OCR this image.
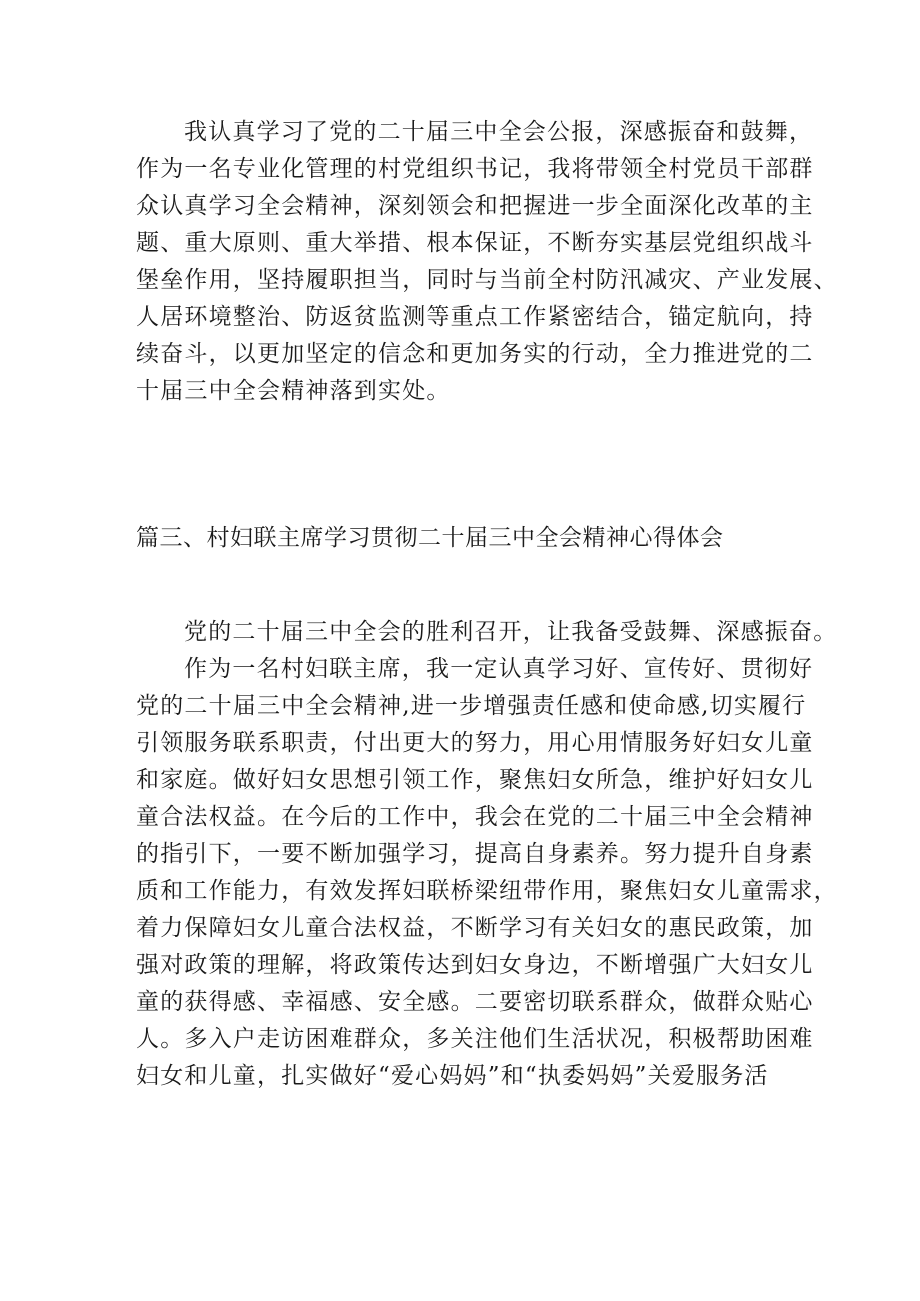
我认真学习了党的二十届三中全会公报，深感振奋和鼓舞，
作为一名专业化管理的村党组织书记，我将带领全村党员干部群
众认真学习全会精神，深刻领会和把握进一步全面深化改革的主
题、重大原则、重大举措、根本保证，不断夯实基层党组织战斗
堡垒作用，坚持履职担当，同时与当前全村防汛减灾、产业发展、
人居环境整治、防返贫监测等重点工作紧密结合，锚定航向，持
续奋斗，以更加坚定的信念和更加务实的行动，全力推进党的二
十届三中全会精神落到实处。
篇三、村妇联主席学习贯彻二十届三中全会精神心得体会
党的二十届三中全会的胜利召开，让我备受鼓舞、深感振奋。
作为一名村妇联主席，我一定认真学习好、宣传好、贯彻好
党的二十届三中全会精神,进一步增强责任感和使命感,切实履行
引领服务联系职责，付出更大的努力，用心用情服务好妇女儿童
和家庭。做好妇女思想引领工作，聚焦妇女所急，维护好妇女儿
童合法权益。在今后的工作中，我会在党的二十届三中全会精神
的指引下，一要不断加强学习，提高自身素养。努力提升自身素
质和工作能力，有效发挥妇联桥梁纽带作用，聚焦妇女儿童需求，
着力保障妇女儿童合法权益，不断学习有关妇女的惠民政策，加
强对政策的理解，将政策传达到妇女身边，不断增强广大妇女儿
童的获得感、幸福感、安全感。二要密切联系群众，做群众贴心
人。多入户走访困难群众，多关注他们生活状况，积极帮助困难
妇女和儿童，扎实做好“爱心妈妈”和“执委妈妈”关爱服务活
